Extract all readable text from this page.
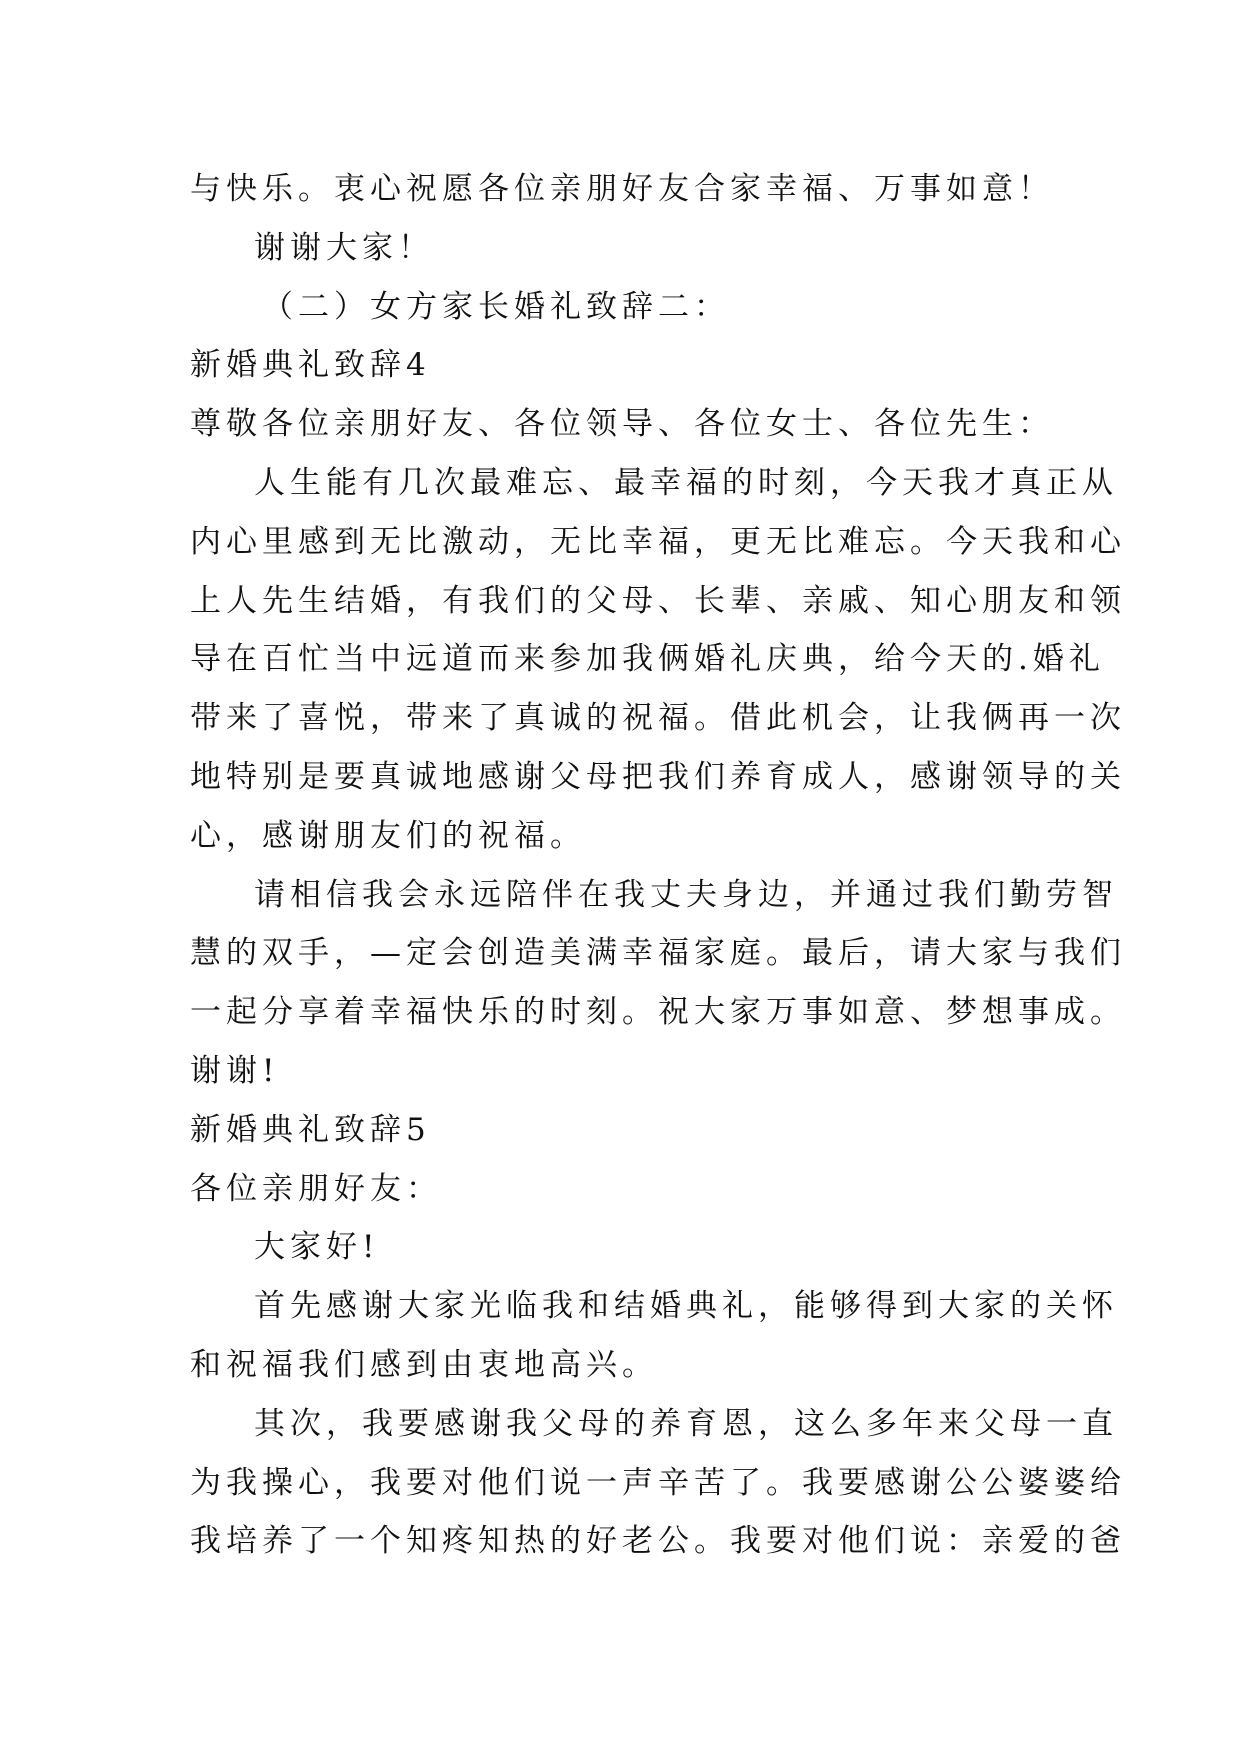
与快乐。衷心祝愿各位亲朋好友合家幸福、万事如意！
谢谢大家！
（二）女方家长婚礼致辞二：
新婚典礼致辞4
尊敬各位亲朋好友、各位领导、各位女士、各位先生：
人生能有几次最难忘、最幸福的时刻，今天我才真正从
内心里感到无比激动，无比幸福，更无比难忘。今天我和心
上人先生结婚，有我们的父母、长辈、亲戚、知心朋友和领
导在百忙当中远道而来参加我俩婚礼庆典，给今天的.婚礼
带来了喜悦，带来了真诚的祝福。借此机会，让我俩再一次
地特别是要真诚地感谢父母把我们养育成人，感谢领导的关
心，感谢朋友们的祝福。
请相信我会永远陪伴在我丈夫身边，并通过我们勤劳智
慧的双手，—定会创造美满幸福家庭。最后，请大家与我们
一起分享着幸福快乐的时刻。祝大家万事如意、梦想事成。
谢谢!
新婚典礼致辞5
各位亲朋好友：
大家好!
首先感谢大家光临我和结婚典礼，能够得到大家的关怀
和祝福我们感到由衷地高兴。
其次，我要感谢我父母的养育恩，这么多年来父母一直
为我操心，我要对他们说一声辛苦了。我要感谢公公婆婆给
我培养了一个知疼知热的好老公。我要对他们说：亲爱的爸
